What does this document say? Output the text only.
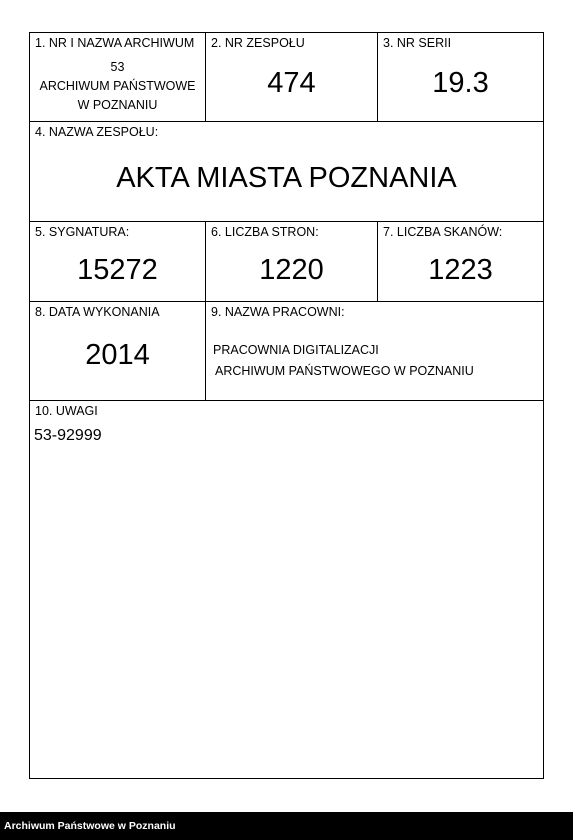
1. NR I NAZWA ARCHIWUM
53
ARCHIWUM PAŃSTWOWE
W POZNANIU
2. NR ZESPOŁU
474
3. NR SERII
19.3
4. NAZWA ZESPOŁU:
AKTA MIASTA POZNANIA
5. SYGNATURA:
15272
6. LICZBA STRON:
1220
7. LICZBA SKANÓW:
1223
8. DATA WYKONANIA
2014
9. NAZWA PRACOWNI:
PRACOWNIA DIGITALIZACJI
ARCHIWUM PAŃSTWOWEGO W POZNANIU
10. UWAGI
53-92999
Archiwum Państwowe w Poznaniu
